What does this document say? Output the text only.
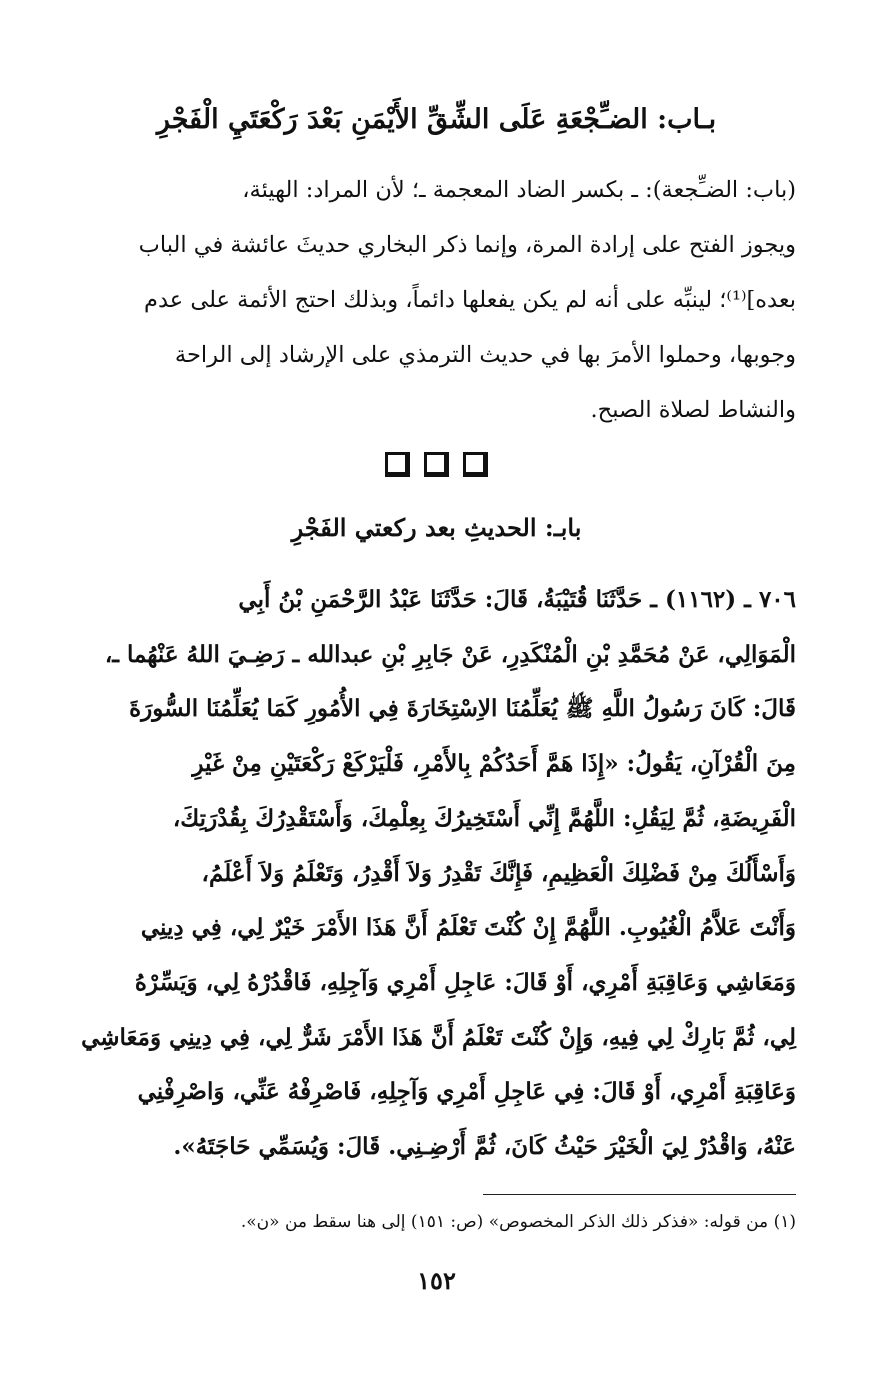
بـاب: الضـِّجْعَةِ عَلَى الشِّقِّ الأَيْمَنِ بَعْدَ رَكْعَتَيِ الْفَجْرِ
(باب: الضـِّجعة): ـ بكسر الضاد المعجمة ـ؛ لأن المراد: الهيئة،
ويجوز الفتح على إرادة المرة، وإنما ذكر البخاري حديثَ عائشة في الباب
بعده]⁽¹⁾؛ لينبِّه على أنه لم يكن يفعلها دائماً، وبذلك احتج الأئمة على عدم
وجوبها، وحملوا الأمرَ بها في حديث الترمذي على الإرشاد إلى الراحة
والنشاط لصلاة الصبح.
بابـ: الحديثِ بعد ركعتي الفَجْرِ
٧٠٦ ـ (١١٦٢) ـ حَدَّثَنَا قُتَيْبَةُ، قَالَ: حَدَّثَنَا عَبْدُ الرَّحْمَنِ بْنُ أَبِي
الْمَوَالِي، عَنْ مُحَمَّدِ بْنِ الْمُنْكَدِرِ، عَنْ جَابِرِ بْنِ عبدالله ـ رَضِـيَ اللهُ عَنْهُما ـ،
قَالَ: كَانَ رَسُولُ اللَّهِ ﷺ يُعَلِّمُنَا الاِسْتِخَارَةَ فِي الأُمُورِ كَمَا يُعَلِّمُنَا السُّورَةَ
مِنَ الْقُرْآنِ، يَقُولُ: «إِذَا هَمَّ أَحَدُكُمْ بِالأَمْرِ، فَلْيَرْكَعْ رَكْعَتَيْنِ مِنْ غَيْرِ
الْفَرِيضَةِ، ثُمَّ لِيَقُلِ: اللَّهُمَّ إِنِّي أَسْتَخِيرُكَ بِعِلْمِكَ، وَأَسْتَقْدِرُكَ بِقُدْرَتِكَ،
وَأَسْأَلُكَ مِنْ فَضْلِكَ الْعَظِيمِ، فَإِنَّكَ تَقْدِرُ وَلاَ أَقْدِرُ، وَتَعْلَمُ وَلاَ أَعْلَمُ،
وَأَنْتَ عَلاَّمُ الْغُيُوبِ. اللَّهُمَّ إِنْ كُنْتَ تَعْلَمُ أَنَّ هَذَا الأَمْرَ خَيْرٌ لِي، فِي دِينِي
وَمَعَاشِي وَعَاقِبَةِ أَمْرِي، أَوْ قَالَ: عَاجِلِ أَمْرِي وَآجِلِهِ، فَاقْدُرْهُ لِي، وَيَسِّرْهُ
لِي، ثُمَّ بَارِكْ لِي فِيهِ، وَإِنْ كُنْتَ تَعْلَمُ أَنَّ هَذَا الأَمْرَ شَرٌّ لِي، فِي دِينِي وَمَعَاشِي
وَعَاقِبَةِ أَمْرِي، أَوْ قَالَ: فِي عَاجِلِ أَمْرِي وَآجِلِهِ، فَاصْرِفْهُ عَنِّي، وَاصْرِفْنِي
عَنْهُ، وَاقْدُرْ لِيَ الْخَيْرَ حَيْثُ كَانَ، ثُمَّ أَرْضِـنِي. قَالَ: وَيُسَمِّي حَاجَتَهُ».
(١) من قوله: «فذكر ذلك الذكر المخصوص» (ص: ١٥١) إلى هنا سقط من «ن».
١٥٢
